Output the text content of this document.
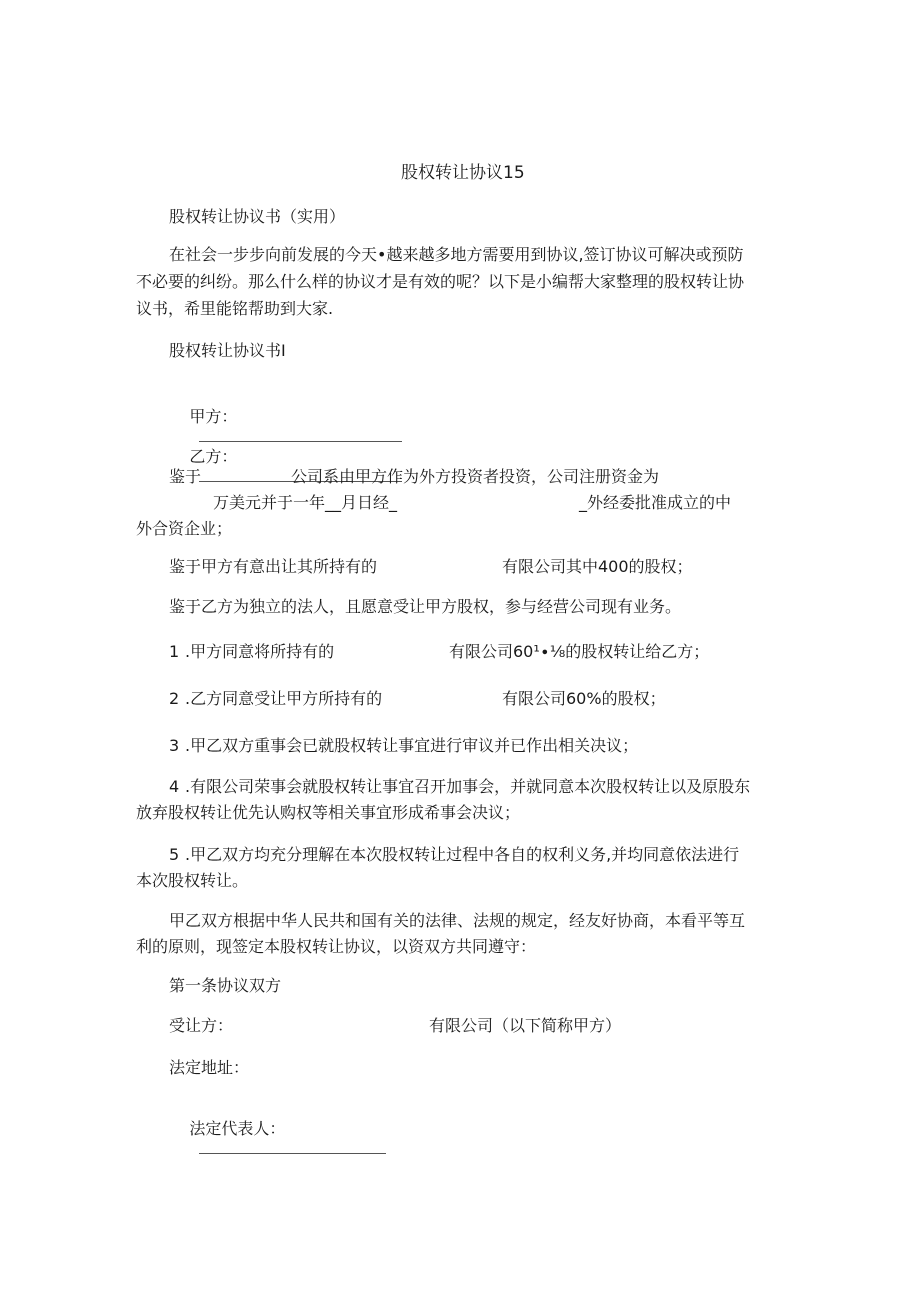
股权转让协议15
股权转让协议书（实用）
在社会一步步向前发展的今天•越来越多地方需要用到协议,签订协议可解决或预防
不必要的纠纷。那么什么样的协议才是有效的呢？以下是小编帮大家整理的股权转让协
议书，希里能铭帮助到大家.
股权转让协议书I

甲方：

乙方：

鉴于	公司系由甲方作为外方投资者投资，公司注册资金为
万美元并于一年__月日经_	_外经委批准成立的中
外合资企业；
鉴于甲方有意出让其所持有的	有限公司其中400的股权；
鉴于乙方为独立的法人，且愿意受让甲方股权，参与经营公司现有业务。
1 .甲方同意将所持有的	有限公司60¹∙⅛的股权转让给乙方；
2 .乙方同意受让甲方所持有的	有限公司60%的股权；
3 .甲乙双方重事会已就股权转让事宜进行审议并已作出相关决议；
4 .有限公司荣事会就股权转让事宜召开加事会，并就同意本次股权转让以及原股东
放弃股权转让优先认购权等相关事宜形成希事会决议；
5 .甲乙双方均充分理解在本次股权转让过程中各自的权利义务,并均同意依法进行
本次股权转让。
甲乙双方根据中华人民共和国有关的法律、法规的规定，经友好协商，本看平等互
利的原则，现签定本股权转让协议，以资双方共同遵守：
第一条协议双方
受让方：	有限公司（以下简称甲方）
法定地址：

法定代表人：
